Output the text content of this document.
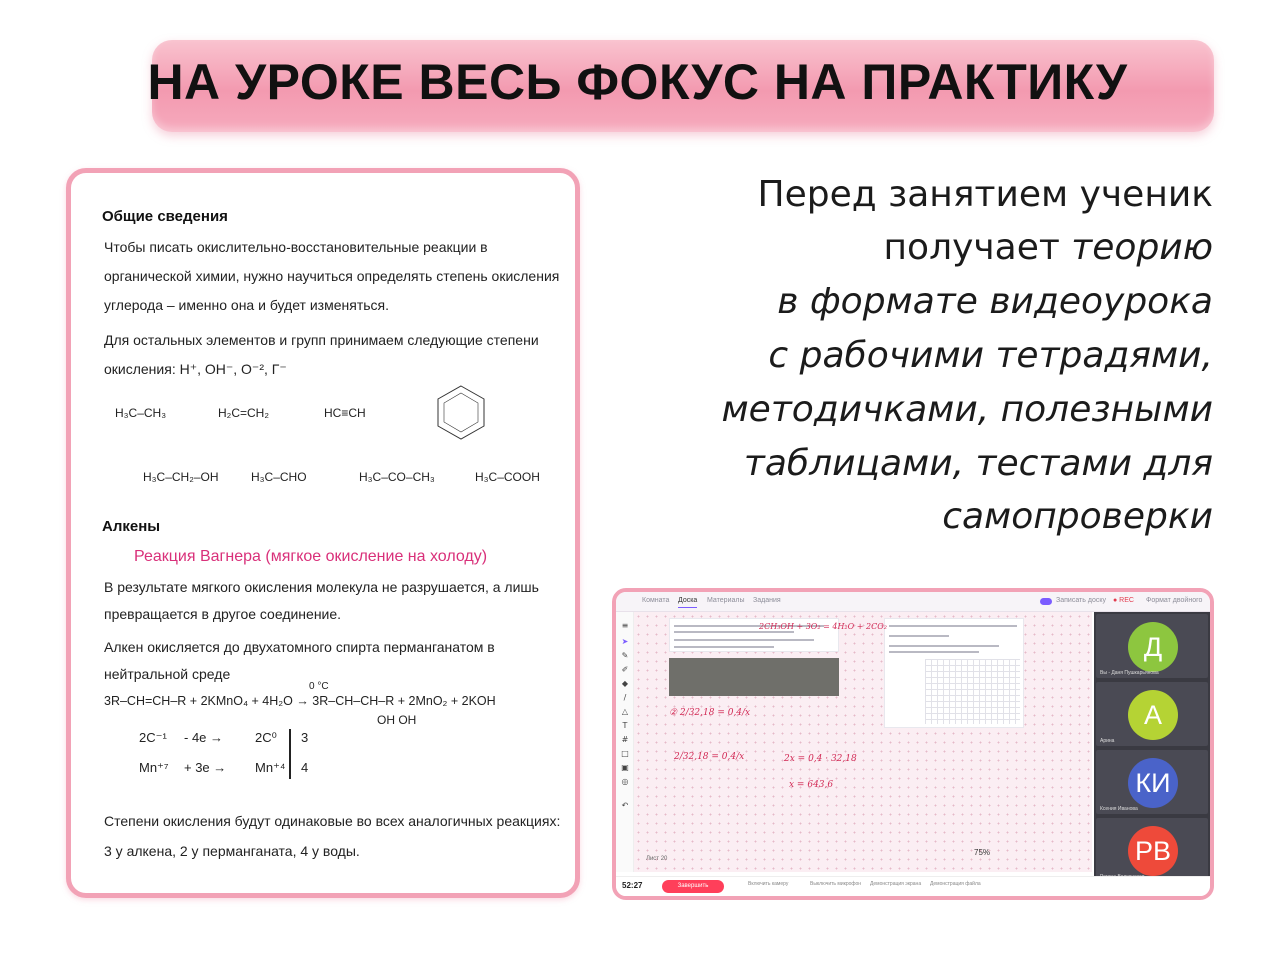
НА УРОКЕ ВЕСЬ ФОКУС НА ПРАКТИКУ
Общие сведения
Чтобы писать окислительно-восстановительные реакции в
органической химии, нужно научиться определять степень окисления
углерода – именно она и будет изменяться.
Для остальных элементов и групп принимаем следующие степени
окисления: H⁺, OH⁻, O⁻², Г⁻
H₃C–CH₃	H₂C=CH₂	HC≡CH
H₃C–CH₂–OH	H₃C–CHO	H₃C–CO–CH₃	H₃C–COOH
Алкены
Реакция Вагнера (мягкое окисление на холоду)
В результате мягкого окисления молекула не разрушается, а лишь
превращается в другое соединение.
Алкен окисляется до двухатомного спирта перманганатом в
нейтральной среде
0 °C
3R–CH=CH–R + 2KMnO₄ + 4H₂O → 3R–CH–CH–R + 2MnO₂ + 2KOH
OH OH
2C⁻¹ - 4e → 2C⁰ 3
Mn⁺⁷ + 3e → Mn⁺⁴ 4
Степени окисления будут одинаковые во всех аналогичных реакциях:
3 у алкена, 2 у перманганата, 4 у воды.
Перед занятием ученик
получает теорию
в формате видеоурока
с рабочими тетрадями,
методичками, полезными
таблицами, тестами для
самопроверки
Комната Доска Материалы Задания	Записать доску ● REC Формат двойного
≡
➤
✎
✐
◆
/
△
T
#
□
▣
◎
↶
2CH₃OH + 3O₂ = 4H₂O + 2CO₂
② 2/32,18 = 0,4/x
2/32,18 = 0,4/x	2x = 0,4 · 32,18
x = 643,6
75%
Д
Вы - Даня Пушкарьянова
А
Арина
КИ
Ксения Иванова
РВ
Лист 20
52:27	Завершить	Включить камеру	Выключить микрофон Демонстрация экрана Демонстрация файла
